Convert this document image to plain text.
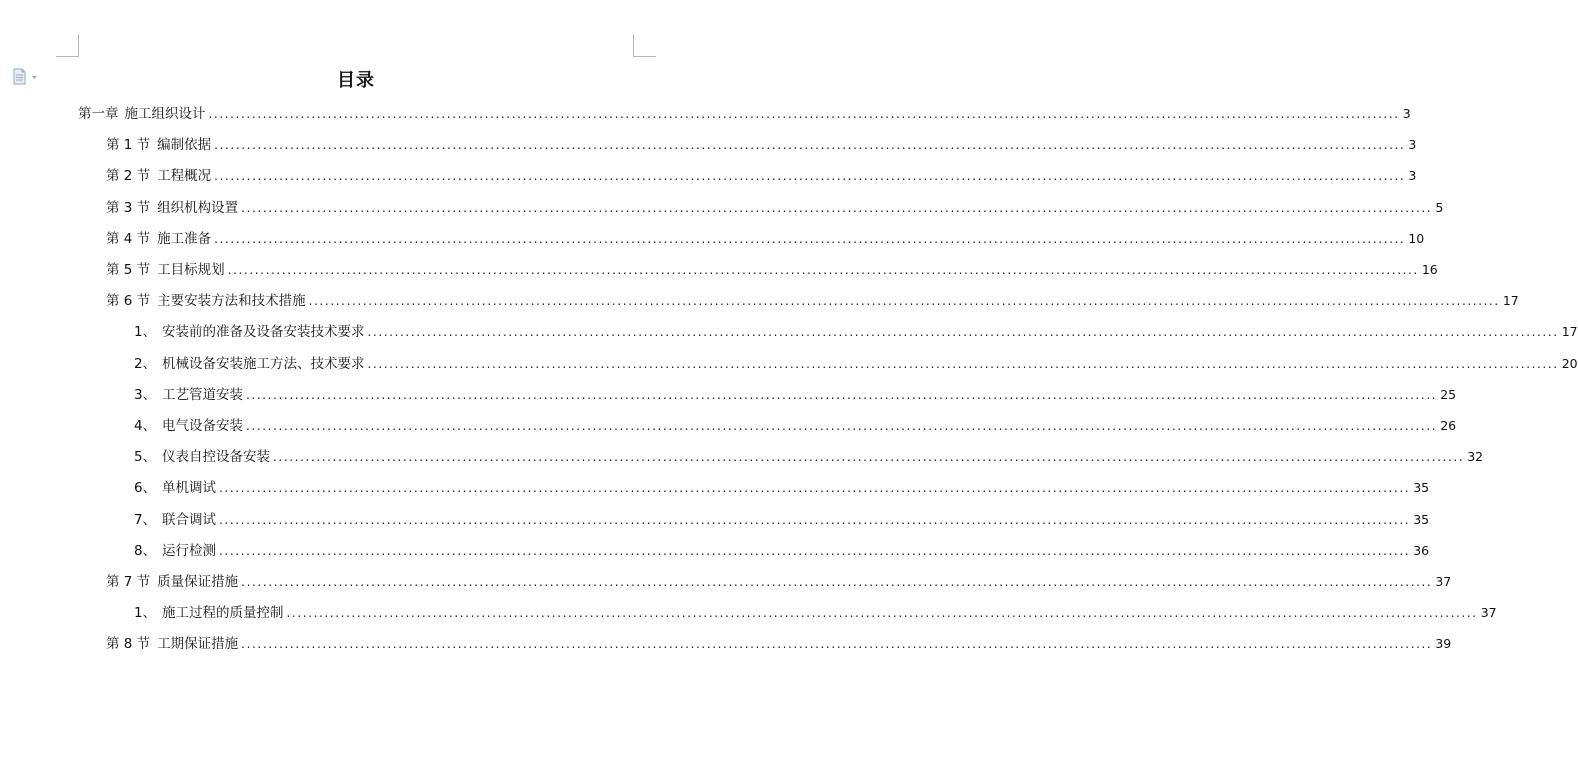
目录
第一章 施工组织设计 ............................................................................................................................................................................................................................ 3
第 1 节 编制依据 ............................................................................................................................................................................................................................ 3
第 2 节 工程概况 ............................................................................................................................................................................................................................ 3
第 3 节 组织机构设置 ............................................................................................................................................................................................................................ 5
第 4 节 施工准备 ............................................................................................................................................................................................................................ 10
第 5 节 工目标规划 ............................................................................................................................................................................................................................ 16
第 6 节 主要安装方法和技术措施 ............................................................................................................................................................................................................................ 17
1、 安装前的准备及设备安装技术要求 ............................................................................................................................................................................................................................ 17
2、 机械设备安装施工方法、技术要求 ............................................................................................................................................................................................................................ 20
3、 工艺管道安装 ............................................................................................................................................................................................................................ 25
4、 电气设备安装 ............................................................................................................................................................................................................................ 26
5、 仪表自控设备安装 ............................................................................................................................................................................................................................ 32
6、 单机调试 ............................................................................................................................................................................................................................ 35
7、 联合调试 ............................................................................................................................................................................................................................ 35
8、 运行检测 ............................................................................................................................................................................................................................ 36
第 7 节 质量保证措施 ............................................................................................................................................................................................................................ 37
1、 施工过程的质量控制 ............................................................................................................................................................................................................................ 37
第 8 节 工期保证措施 ............................................................................................................................................................................................................................ 39
